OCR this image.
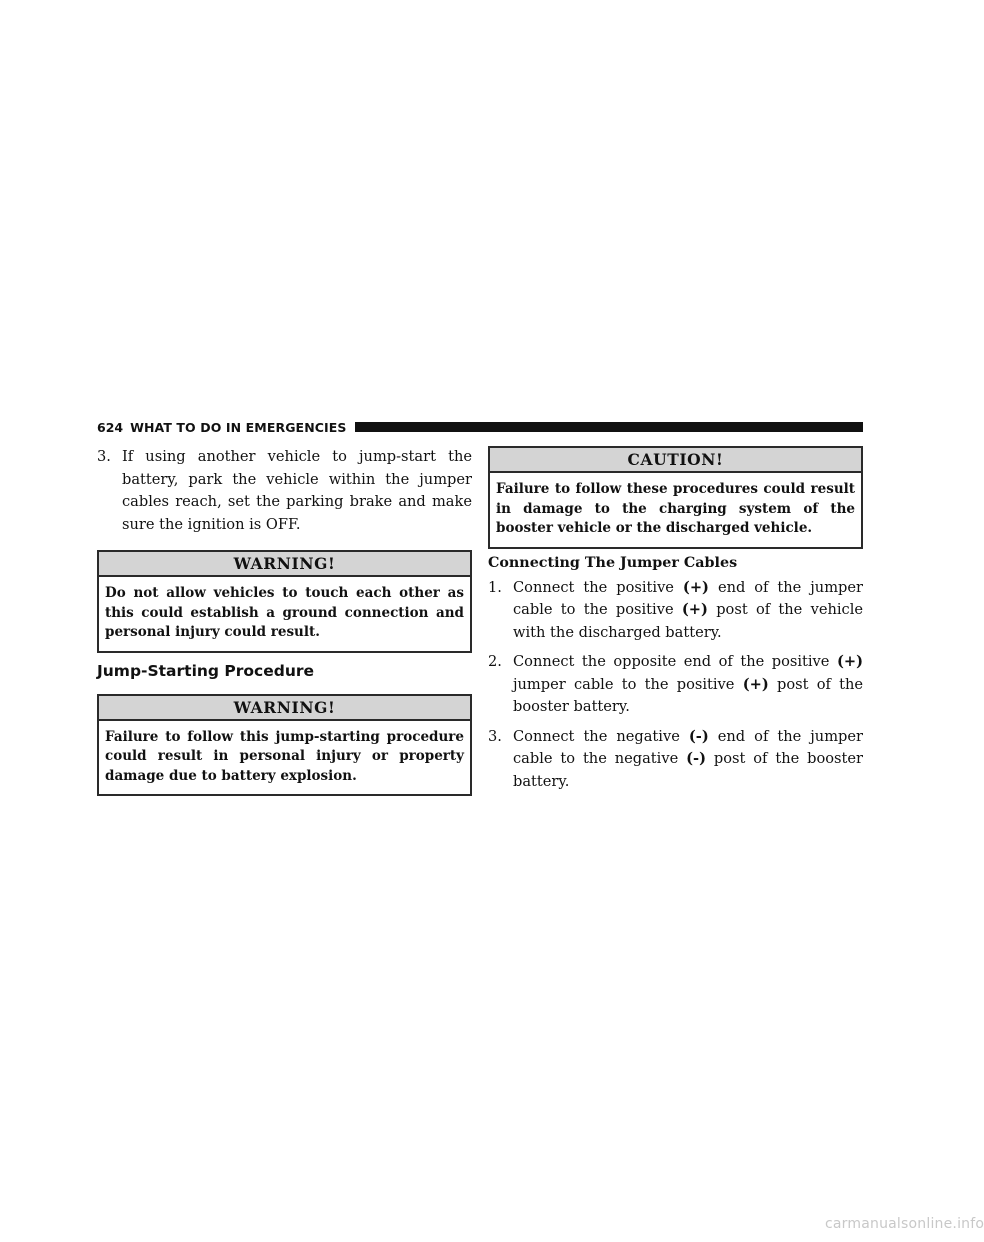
624 WHAT TO DO IN EMERGENCIES

3. If using another vehicle to jump-start the battery, park the vehicle within the jumper cables reach, set the parking brake and make sure the ignition is OFF.

WARNING!
Do not allow vehicles to touch each other as this could establish a ground connection and personal injury could result.
Jump-Starting Procedure
WARNING!
Failure to follow this jump-starting procedure could result in personal injury or property damage due to battery explosion.
CAUTION!
Failure to follow these procedures could result in damage to the charging system of the booster vehicle or the discharged vehicle.
Connecting The Jumper Cables

1. Connect the positive (+) end of the jumper cable to the positive (+) post of the vehicle with the discharged battery.

2. Connect the opposite end of the positive (+) jumper cable to the positive (+) post of the booster battery.

3. Connect the negative (-) end of the jumper cable to the negative (-) post of the booster battery.

carmanualsonline.info
